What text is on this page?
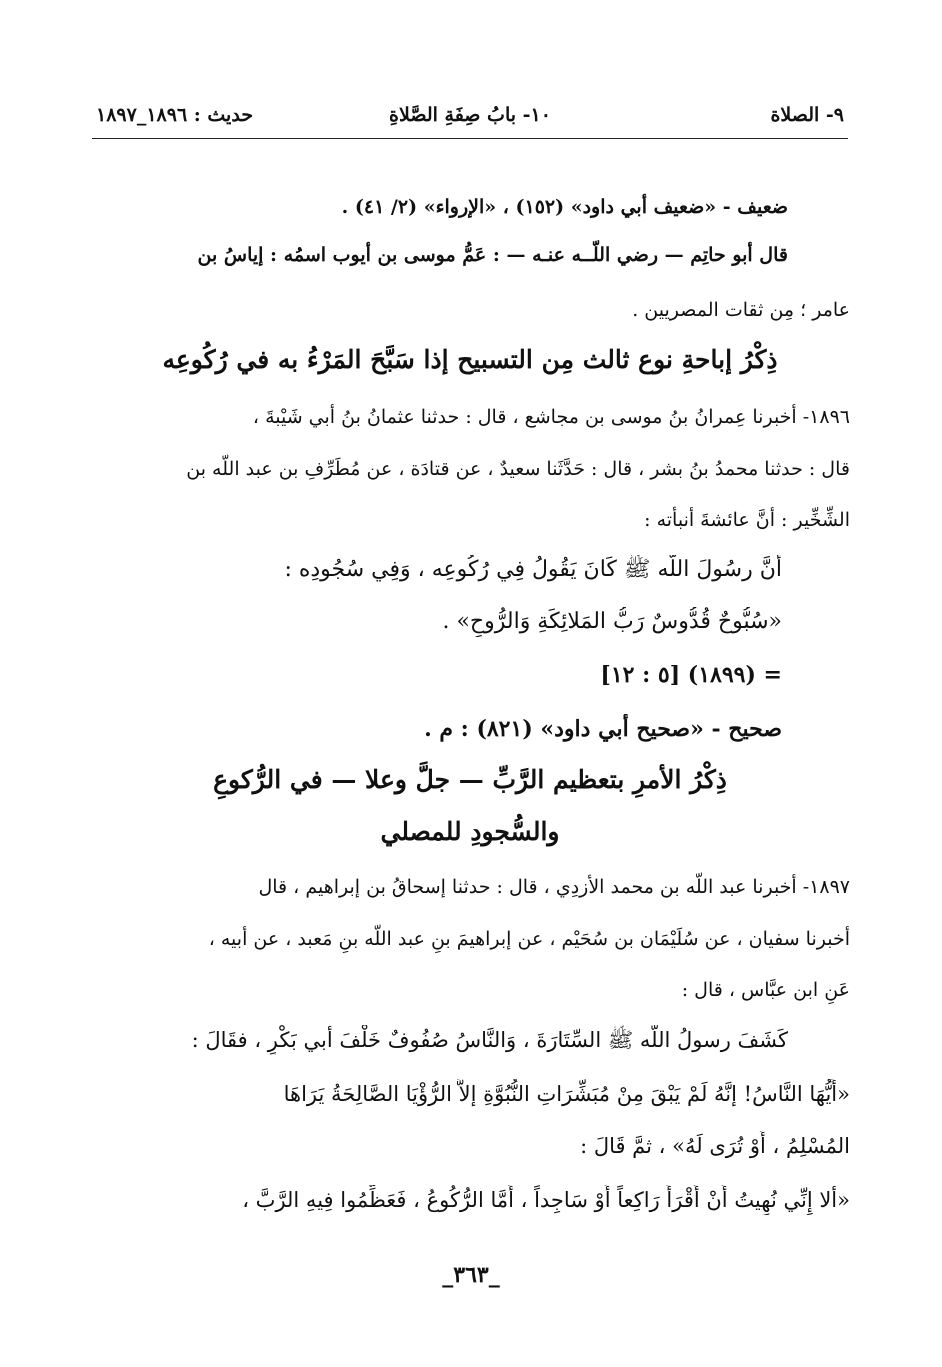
٩- الصلاة
١٠- بابُ صِفَةِ الصَّلاةِ
حديث : ١٨٩٦_١٨٩٧
ضعيف - «ضعيف أبي داود» (١٥٢) ، «الإرواء» (٢/ ٤١) .
قال أبو حاتِم — رضي اللّــه عنـه — : عَمُّ موسى بن أيوب اسمُه : إياسُ بن
عامر ؛ مِن ثقات المصريين .
ذِكْرُ إباحةِ نوع ثالث مِن التسبيح إذا سَبَّحَ المَرْءُ به في رُكُوعِه
١٨٩٦- أخبرنا عِمرانُ بنُ موسى بن مجاشع ، قال : حدثنا عثمانُ بنُ أبي شَيْبةَ ،
قال : حدثنا محمدُ بنُ بشر ، قال : حَدَّثَنا سعيدٌ ، عن قتادَة ، عن مُطَرِّفِ بن عبد اللّه بن
الشِّخِّير : أنَّ عائشةَ أنبأته :
أنَّ رسُولَ اللّه ﷺ كَانَ يَقُولُ فِي رُكُوعِه ، وَفِي سُجُودِه :
«سُبُّوحٌ قُدُّوسٌ رَبُّ المَلائِكَةِ وَالرُّوحِ» .
= (١٨٩٩) [٥ : ١٢]
صحيح - «صحيح أبي داود» (٨٢١) : م .
ذِكْرُ الأمرِ بتعظيم الرَّبِّ — جلَّ وعلا — في الرُّكوعِ
والسُّجودِ للمصلي
١٨٩٧- أخبرنا عبد اللّه بن محمد الأزدِي ، قال : حدثنا إسحاقُ بن إبراهيم ، قال
أخبرنا سفيان ، عن سُلَيْمَان بن سُحَيْم ، عن إبراهيمَ بنِ عبد اللّه بنِ مَعبد ، عن أبيه ،
عَنِ ابن عبَّاس ، قال :
كَشَفَ رسولُ اللّه ﷺ السِّتَارَةَ ، وَالنَّاسُ صُفُوفٌ خَلْفَ أبي بَكْرٍ ، فقَالَ :
«أَيُّهَا النَّاسُ! إنَّهُ لَمْ يَبْقَ مِنْ مُبَشِّرَاتِ النُّبُوَّةِ إلاَّ الرُّؤْيَا الصَّالِحَةُ يَرَاهَا
المُسْلِمُ ، أَوْ تُرَى لَهُ» ، ثمَّ قَالَ :
«ألا إِنِّي نُهِيتُ أَنْ أَقْرَأَ رَاكِعاً أَوْ سَاجِداً ، أَمَّا الرُّكُوعُ ، فَعَظِّمُوا فِيهِ الرَّبَّ ،
_٣٦٣_
